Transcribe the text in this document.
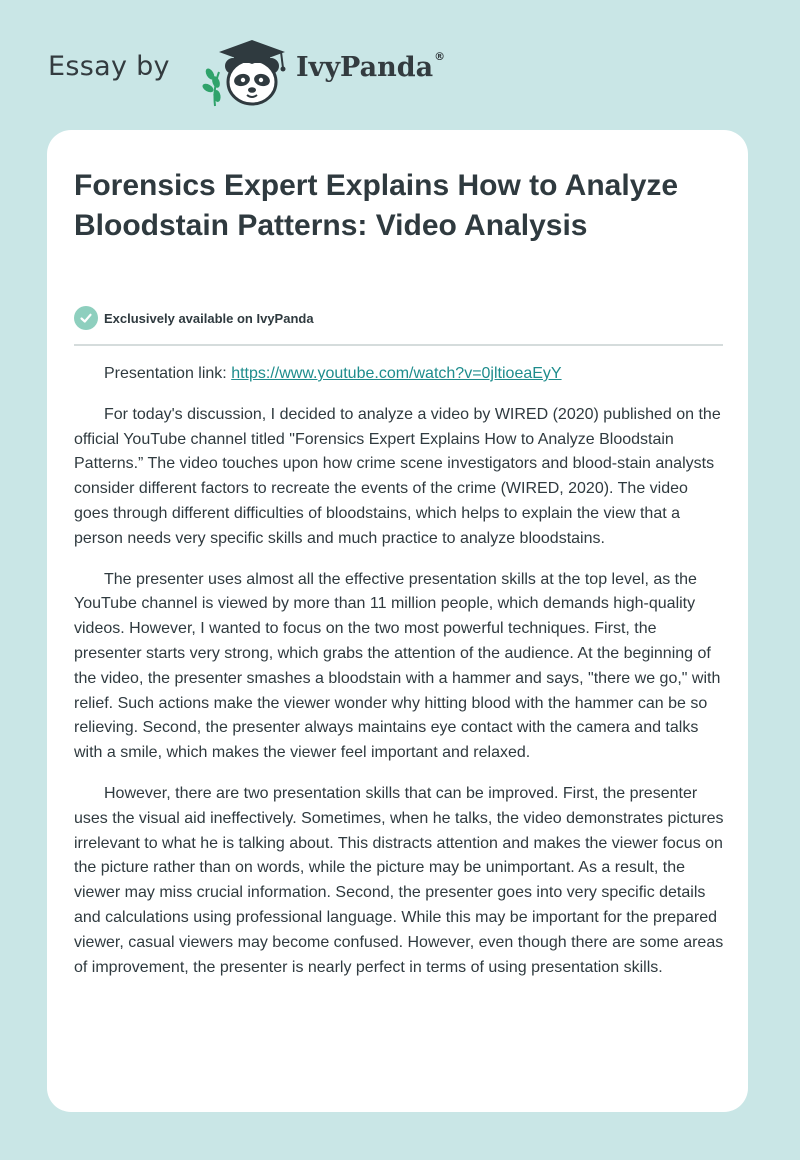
Essay by	IvyPanda®
Forensics Expert Explains How to Analyze Bloodstain Patterns: Video Analysis
Exclusively available on IvyPanda

Presentation link: https://www.youtube.com/watch?v=0jltioeaEyY

For today's discussion, I decided to analyze a video by WIRED (2020) published on the official YouTube channel titled "Forensics Expert Explains How to Analyze Bloodstain Patterns.” The video touches upon how crime scene investigators and blood-stain analysts consider different factors to recreate the events of the crime (WIRED, 2020). The video goes through different difficulties of bloodstains, which helps to explain the view that a person needs very specific skills and much practice to analyze bloodstains.

The presenter uses almost all the effective presentation skills at the top level, as the YouTube channel is viewed by more than 11 million people, which demands high-quality videos. However, I wanted to focus on the two most powerful techniques. First, the presenter starts very strong, which grabs the attention of the audience. At the beginning of the video, the presenter smashes a bloodstain with a hammer and says, "there we go," with relief. Such actions make the viewer wonder why hitting blood with the hammer can be so relieving. Second, the presenter always maintains eye contact with the camera and talks with a smile, which makes the viewer feel important and relaxed.

However, there are two presentation skills that can be improved. First, the presenter uses the visual aid ineffectively. Sometimes, when he talks, the video demonstrates pictures irrelevant to what he is talking about. This distracts attention and makes the viewer focus on the picture rather than on words, while the picture may be unimportant. As a result, the viewer may miss crucial information. Second, the presenter goes into very specific details and calculations using professional language. While this may be important for the prepared viewer, casual viewers may become confused. However, even though there are some areas of improvement, the presenter is nearly perfect in terms of using presentation skills.
